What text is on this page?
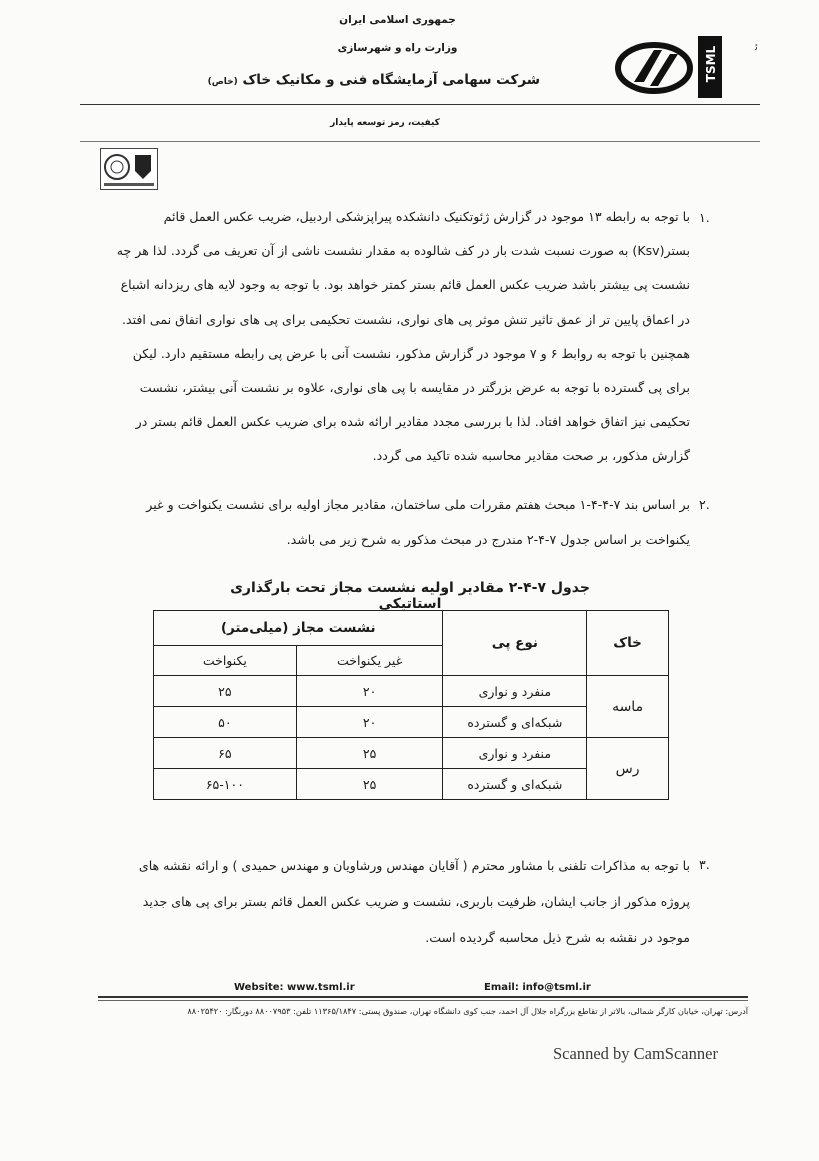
جمهوری اسلامی ایران
وزارت راه و شهرسازی
شرکت سهامی آزمایشگاه فنی و مکانیک خاک (خاص)	TSML	ﺋ
کیفیت، رمز توسعه پایدار
۱.

با توجه به رابطه ۱۳ موجود در گزارش ژئوتکنیک دانشکده پیراپزشکی اردبیل، ضریب عکس العمل قائم

بستر(Ksv) به صورت نسبت شدت بار در کف شالوده به مقدار نشست ناشی از آن تعریف می گردد. لذا هر چه

نشست پی بیشتر باشد ضریب عکس العمل قائم بستر کمتر خواهد بود. با توجه به وجود لایه های ریزدانه اشباع

در اعماق پایین تر از عمق تاثیر تنش موثر پی های نواری، نشست تحکیمی برای پی های نواری اتفاق نمی افتد.

همچنین با توجه به روابط ۶ و ۷ موجود در گزارش مذکور، نشست آنی با عرض پی رابطه مستقیم دارد. لیکن

برای پی گسترده با توجه به عرض بزرگتر در مقایسه با پی های نواری، علاوه بر نشست آنی بیشتر، نشست

تحکیمی نیز اتفاق خواهد افتاد. لذا با بررسی مجدد مقادیر ارائه شده برای ضریب عکس العمل قائم بستر در

گزارش مذکور، بر صحت مقادیر محاسبه شده تاکید می گردد.

۲.

بر اساس بند ۷-۴-۴-۱ مبحث هفتم مقررات ملی ساختمان، مقادیر مجاز اولیه برای نشست یکنواخت و غیر

یکنواخت بر اساس جدول ۷-۴-۲ مندرج در مبحث مذکور به شرح زیر می باشد.

جدول ۷-۴-۲ مقادیر اولیه نشست مجاز تحت بارگذاری استاتیکی
خاک	نوع پی	نشست مجاز (میلی‌متر)	
		غیر یکنواخت	یکنواخت
ماسه	منفرد و نواری	۲۰	۲۵
	شبکه‌ای و گسترده	۲۰	۵۰
رس	منفرد و نواری	۲۵	۶۵
	شبکه‌ای و گسترده	۲۵	۶۵-۱۰۰
۳.

با توجه به مذاکرات تلفنی با مشاور محترم ( آقایان مهندس ورشاویان و مهندس حمیدی ) و ارائه نقشه های

پروژه مذکور از جانب ایشان، ظرفیت باربری، نشست و ضریب عکس العمل قائم بستر برای پی های جدید

موجود در نقشه به شرح ذیل محاسبه گردیده است.

Website: www.tsml.ir	Email: info@tsml.ir
آدرس: تهران، خیابان کارگر شمالی، بالاتر از تقاطع بزرگراه جلال آل احمد، جنب کوی دانشگاه تهران، صندوق پستی: ۱۱۳۶۵/۱۸۴۷ تلفن: ۸۸۰۰۷۹۵۳ دورنگار: ۸۸۰۲۵۴۲۰
Scanned by CamScanner
